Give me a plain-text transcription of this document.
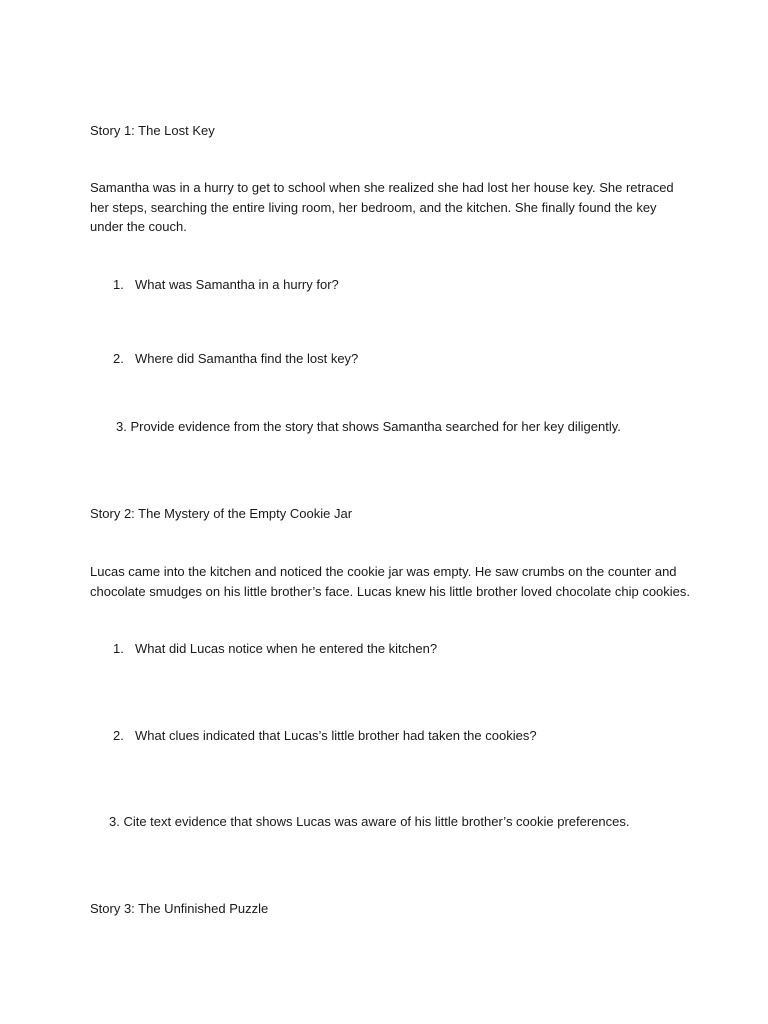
Story 1: The Lost Key
Samantha was in a hurry to get to school when she realized she had lost her house key. She retraced her steps, searching the entire living room, her bedroom, and the kitchen. She finally found the key under the couch.
1. What was Samantha in a hurry for?
2. Where did Samantha find the lost key?
3. Provide evidence from the story that shows Samantha searched for her key diligently.
Story 2: The Mystery of the Empty Cookie Jar
Lucas came into the kitchen and noticed the cookie jar was empty. He saw crumbs on the counter and chocolate smudges on his little brother’s face. Lucas knew his little brother loved chocolate chip cookies.
1. What did Lucas notice when he entered the kitchen?
2. What clues indicated that Lucas’s little brother had taken the cookies?
3. Cite text evidence that shows Lucas was aware of his little brother’s cookie preferences.
Story 3: The Unfinished Puzzle
